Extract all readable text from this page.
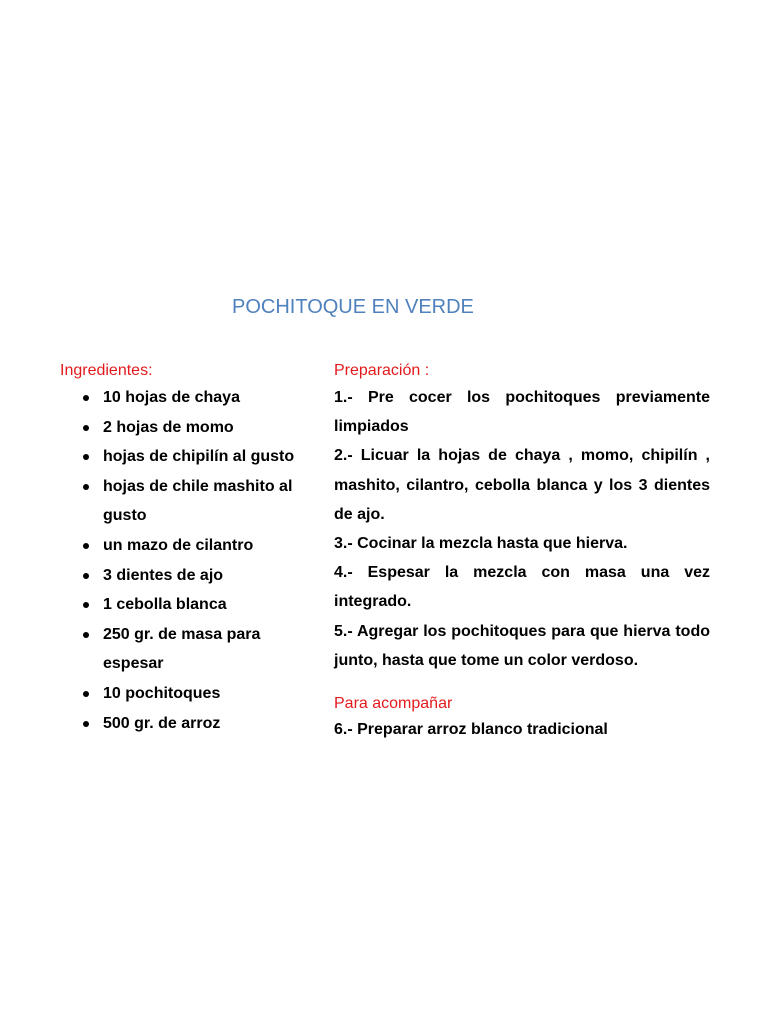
POCHITOQUE EN VERDE
Ingredientes:
10 hojas de chaya
2 hojas de momo
hojas de chipilín al gusto
hojas de chile mashito al gusto
un mazo de cilantro
3 dientes de ajo
1 cebolla blanca
250 gr. de masa para espesar
10 pochitoques
500 gr. de arroz
Preparación :
1.- Pre cocer los pochitoques previamente limpiados
2.- Licuar la hojas de chaya , momo, chipilín , mashito, cilantro, cebolla blanca y los 3 dientes de ajo.
3.- Cocinar la mezcla hasta que hierva.
4.- Espesar la mezcla con masa una vez integrado.
5.- Agregar los pochitoques para que hierva todo junto, hasta que tome un color verdoso.
Para acompañar
6.- Preparar arroz blanco tradicional
